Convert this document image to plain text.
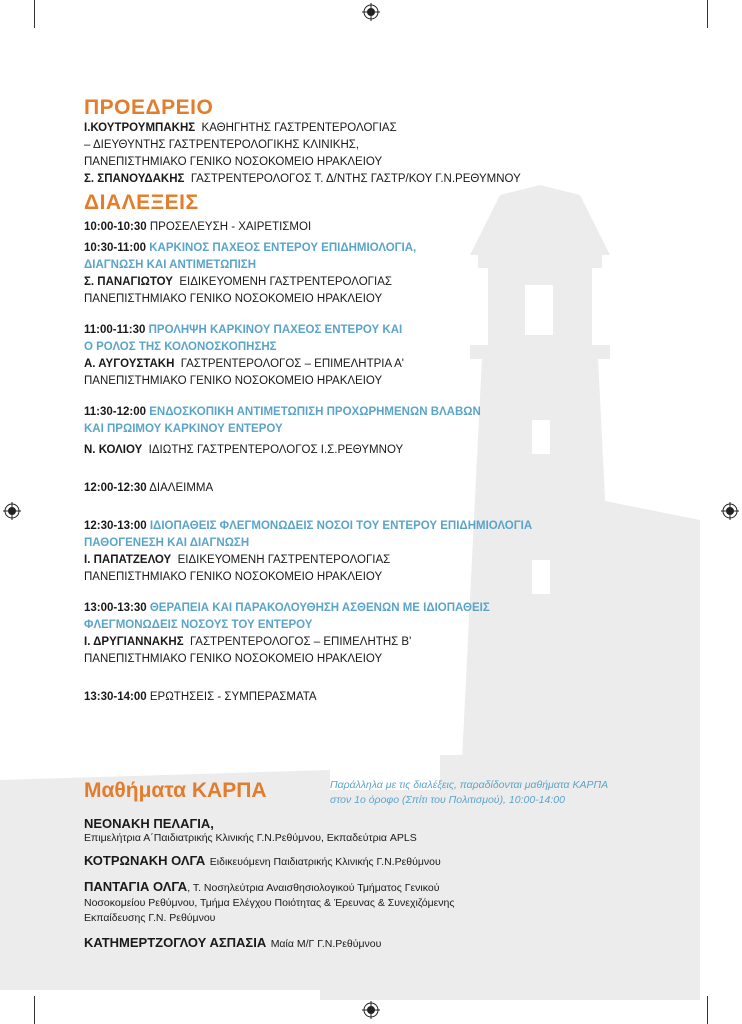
ΠΡΟΕΔΡΕΙΟ
Ι.ΚΟΥΤΡΟΥΜΠΑΚΗΣ ΚΑΘΗΓΗΤΗΣ ΓΑΣΤΡΕΝΤΕΡΟΛΟΓΙΑΣ
– ΔΙΕΥΘΥΝΤΗΣ ΓΑΣΤΡΕΝΤΕΡΟΛΟΓΙΚΗΣ ΚΛΙΝΙΚΗΣ,
ΠΑΝΕΠΙΣΤΗΜΙΑΚΟ ΓΕΝΙΚΟ ΝΟΣΟΚΟΜΕΙΟ ΗΡΑΚΛΕΙΟΥ
Σ. ΣΠΑΝΟΥΔΑΚΗΣ ΓΑΣΤΡΕΝΤΕΡΟΛΟΓΟΣ Τ. Δ/ΝΤΗΣ ΓΑΣΤΡ/ΚΟΥ Γ.Ν.ΡΕΘΥΜΝΟΥ
ΔΙΑΛΕΞΕΙΣ
10:00-10:30 ΠΡΟΣΕΛΕΥΣΗ - ΧΑΙΡΕΤΙΣΜΟΙ
10:30-11:00 ΚΑΡΚΙΝΟΣ ΠΑΧΕΟΣ ΕΝΤΕΡΟΥ ΕΠΙΔΗΜΙΟΛΟΓΙΑ,
ΔΙΑΓΝΩΣΗ ΚΑΙ ΑΝΤΙΜΕΤΩΠΙΣΗ
Σ. ΠΑΝΑΓΙΩΤΟΥ ΕΙΔΙΚΕΥΟΜΕΝΗ ΓΑΣΤΡΕΝΤΕΡΟΛΟΓΙΑΣ
ΠΑΝΕΠΙΣΤΗΜΙΑΚΟ ΓΕΝΙΚΟ ΝΟΣΟΚΟΜΕΙΟ ΗΡΑΚΛΕΙΟΥ
11:00-11:30 ΠΡΟΛΗΨΗ ΚΑΡΚΙΝΟΥ ΠΑΧΕΟΣ ΕΝΤΕΡΟΥ ΚΑΙ
Ο ΡΟΛΟΣ ΤΗΣ ΚΟΛΟΝΟΣΚΟΠΗΣΗΣ
Α. ΑΥΓΟΥΣΤΑΚΗ ΓΑΣΤΡΕΝΤΕΡΟΛΟΓΟΣ – ΕΠΙΜΕΛΗΤΡΙΑ Α'
ΠΑΝΕΠΙΣΤΗΜΙΑΚΟ ΓΕΝΙΚΟ ΝΟΣΟΚΟΜΕΙΟ ΗΡΑΚΛΕΙΟΥ
11:30-12:00 ΕΝΔΟΣΚΟΠΙΚΗ ΑΝΤΙΜΕΤΩΠΙΣΗ ΠΡΟΧΩΡΗΜΕΝΩΝ ΒΛΑΒΩΝ
ΚΑΙ ΠΡΩΙΜΟΥ ΚΑΡΚΙΝΟΥ ΕΝΤΕΡΟΥ
Ν. ΚΟΛΙΟΥ ΙΔΙΩΤΗΣ ΓΑΣΤΡΕΝΤΕΡΟΛΟΓΟΣ Ι.Σ.ΡΕΘΥΜΝΟΥ
12:00-12:30 ΔΙΑΛΕΙΜΜΑ
12:30-13:00 ΙΔΙΟΠΑΘΕΙΣ ΦΛΕΓΜΟΝΩΔΕΙΣ ΝΟΣΟΙ ΤΟΥ ΕΝΤΕΡΟΥ ΕΠΙΔΗΜΙΟΛΟΓΙΑ
ΠΑΘΟΓΕΝΕΣΗ ΚΑΙ ΔΙΑΓΝΩΣΗ
Ι. ΠΑΠΑΤΖΕΛΟΥ ΕΙΔΙΚΕΥΟΜΕΝΗ ΓΑΣΤΡΕΝΤΕΡΟΛΟΓΙΑΣ
ΠΑΝΕΠΙΣΤΗΜΙΑΚΟ ΓΕΝΙΚΟ ΝΟΣΟΚΟΜΕΙΟ ΗΡΑΚΛΕΙΟΥ
13:00-13:30 ΘΕΡΑΠΕΙΑ ΚΑΙ ΠΑΡΑΚΟΛΟΥΘΗΣΗ ΑΣΘΕΝΩΝ ΜΕ ΙΔΙΟΠΑΘΕΙΣ
ΦΛΕΓΜΟΝΩΔΕΙΣ ΝΟΣΟΥΣ ΤΟΥ ΕΝΤΕΡΟΥ
Ι. ΔΡΥΓΙΑΝΝΑΚΗΣ ΓΑΣΤΡΕΝΤΕΡΟΛΟΓΟΣ – ΕΠΙΜΕΛΗΤΗΣ Β'
ΠΑΝΕΠΙΣΤΗΜΙΑΚΟ ΓΕΝΙΚΟ ΝΟΣΟΚΟΜΕΙΟ ΗΡΑΚΛΕΙΟΥ
13:30-14:00 ΕΡΩΤΗΣΕΙΣ - ΣΥΜΠΕΡΑΣΜΑΤΑ
Μαθήματα ΚΑΡΠΑ	Παράλληλα με τις διαλέξεις, παραδίδονται μαθήματα ΚΑΡΠΑ
στον 1ο όροφο (Σπίτι του Πολιτισμού), 10:00-14:00
ΝΕΟΝΑΚΗ ΠΕΛΑΓΙΑ,
Επιμελήτρια Α΄Παιδιατρικής Κλινικής Γ.Ν.Ρεθύμνου, Εκπαδεύτρια APLS
ΚΟΤΡΩΝΑΚΗ ΟΛΓΑ Ειδικευόμενη Παιδιατρικής Κλινικής Γ.Ν.Ρεθύμνου
ΠΑΝΤΑΓΙΑ ΟΛΓΑ, Τ. Νοσηλεύτρια Αναισθησιολογικού Τμήματος Γενικού
Νοσοκομείου Ρεθύμνου, Τμήμα Ελέγχου Ποιότητας & Έρευνας & Συνεχιζόμενης
Εκπαίδευσης Γ.Ν. Ρεθύμνου
ΚΑΤΗΜΕΡΤΖΟΓΛΟΥ ΑΣΠΑΣΙΑ Μαία Μ/Γ Γ.Ν.Ρεθύμνου
